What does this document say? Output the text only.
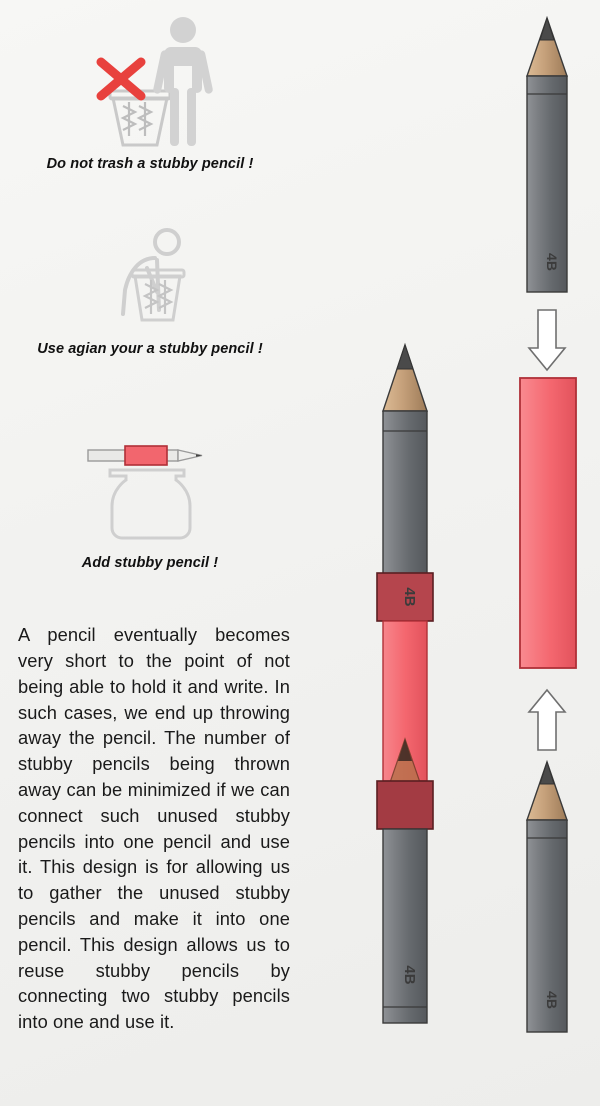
Do not trash a stubby pencil !
Use agian your a stubby pencil !
Add stubby pencil !

A pencil eventually becomes very short to the point of not being able to hold it and write. In such cases, we end up throwing away the pencil. The number of stubby pencils being thrown away can be minimized if we can connect such unused stubby pencils into one pencil and use it. This design is for allowing us to gather the unused stubby pencils and make it into one pencil. This design allows us to reuse stubby pencils by connecting two stubby pencils into one and use it.

4B
4B
4B
4B
